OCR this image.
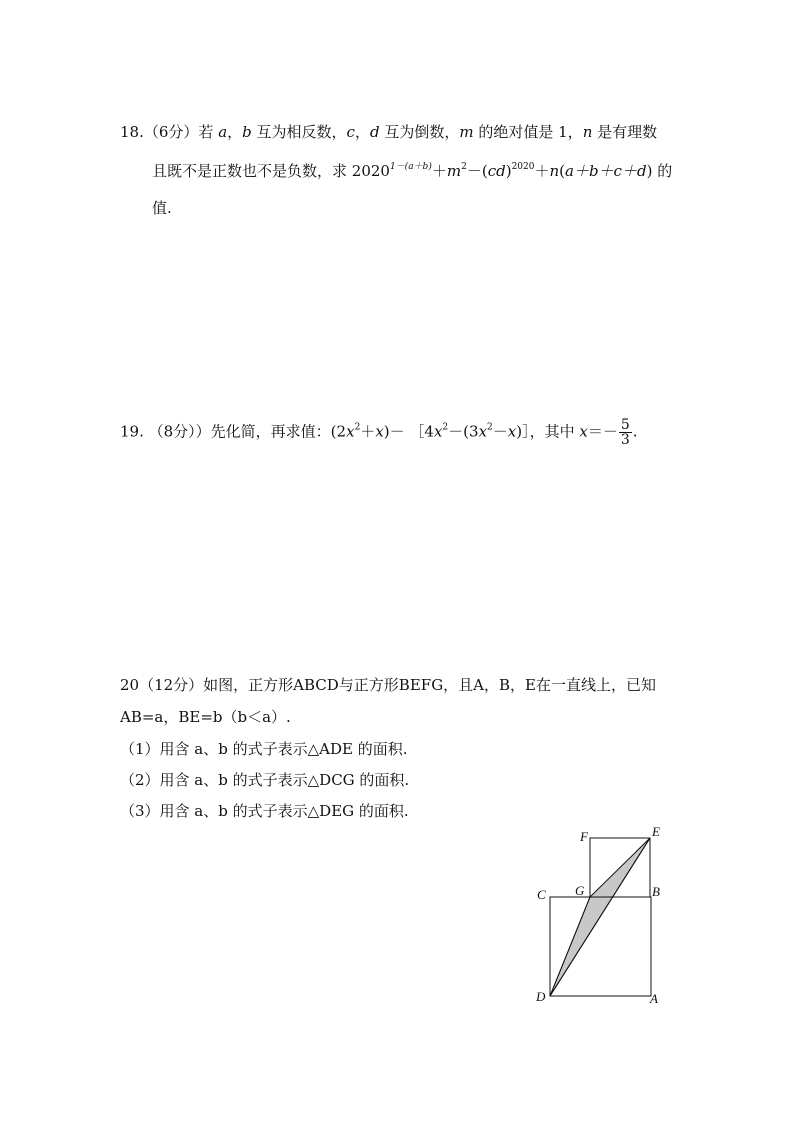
18.（6分）若 a，b 互为相反数，c，d 互为倒数，m 的绝对值是 1，n 是有理数
且既不是正数也不是负数，求 $2020^{1-(a+b)}+m^2-(cd)^{2020}+n(a+b+c+d)$ 的
值.
19. （8分））先化简，再求值：$(2x^2+x)-$ $[4x^2-(3x^2-x)]$，其中 $x=- \frac{5}{3}$ .
20（12分）如图，正方形ABCD与正方形BEFG，且A，B，E在一直线上，已知
AB=a，BE=b（b＜a）.
（1）用含 a、b 的式子表示△ADE 的面积.
（2）用含 a、b 的式子表示△DCG 的面积.
（3）用含 a、b 的式子表示△DEG 的面积.
F	E
C G	B
D	A
